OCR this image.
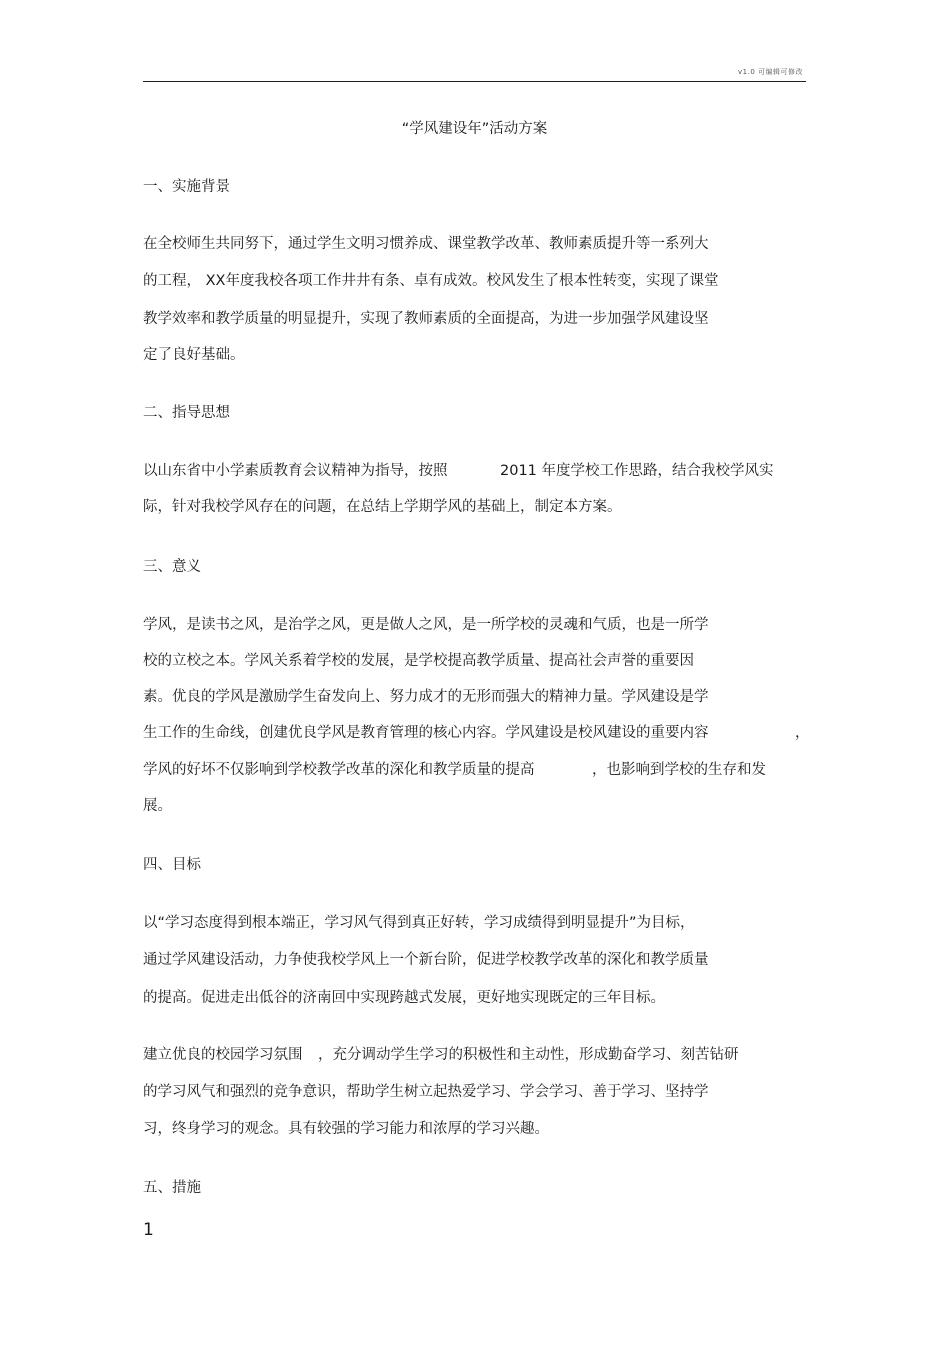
v1.0 可编辑可修改
“学风建设年”活动方案
一、实施背景
在全校师生共同努下，通过学生文明习惯养成、课堂教学改革、教师素质提升等一系列大
的工程， XX年度我校各项工作井井有条、卓有成效。校风发生了根本性转变，实现了课堂
教学效率和教学质量的明显提升，实现了教师素质的全面提高，为进一步加强学风建设坚
定了良好基础。
二、指导思想
以山东省中小学素质教育会议精神为指导，按照	2011 年度学校工作思路，结合我校学风实
际，针对我校学风存在的问题，在总结上学期学风的基础上，制定本方案。
三、意义
学风，是读书之风，是治学之风，更是做人之风，是一所学校的灵魂和气质，也是一所学
校的立校之本。学风关系着学校的发展，是学校提高教学质量、提高社会声誉的重要因
素。优良的学风是激励学生奋发向上、努力成才的无形而强大的精神力量。学风建设是学
生工作的生命线，创建优良学风是教育管理的核心内容。学风建设是校风建设的重要内容	，
学风的好坏不仅影响到学校教学改革的深化和教学质量的提高	，也影响到学校的生存和发
展。
四、目标
以“学习态度得到根本端正，学习风气得到真正好转，学习成绩得到明显提升”为目标，
通过学风建设活动，力争使我校学风上一个新台阶，促进学校教学改革的深化和教学质量
的提高。促进走出低谷的济南回中实现跨越式发展，更好地实现既定的三年目标。
建立优良的校园学习氛围 ，充分调动学生学习的积极性和主动性，形成勤奋学习、刻苦钻研
的学习风气和强烈的竞争意识，帮助学生树立起热爱学习、学会学习、善于学习、坚持学
习，终身学习的观念。具有较强的学习能力和浓厚的学习兴趣。
五、措施
1
